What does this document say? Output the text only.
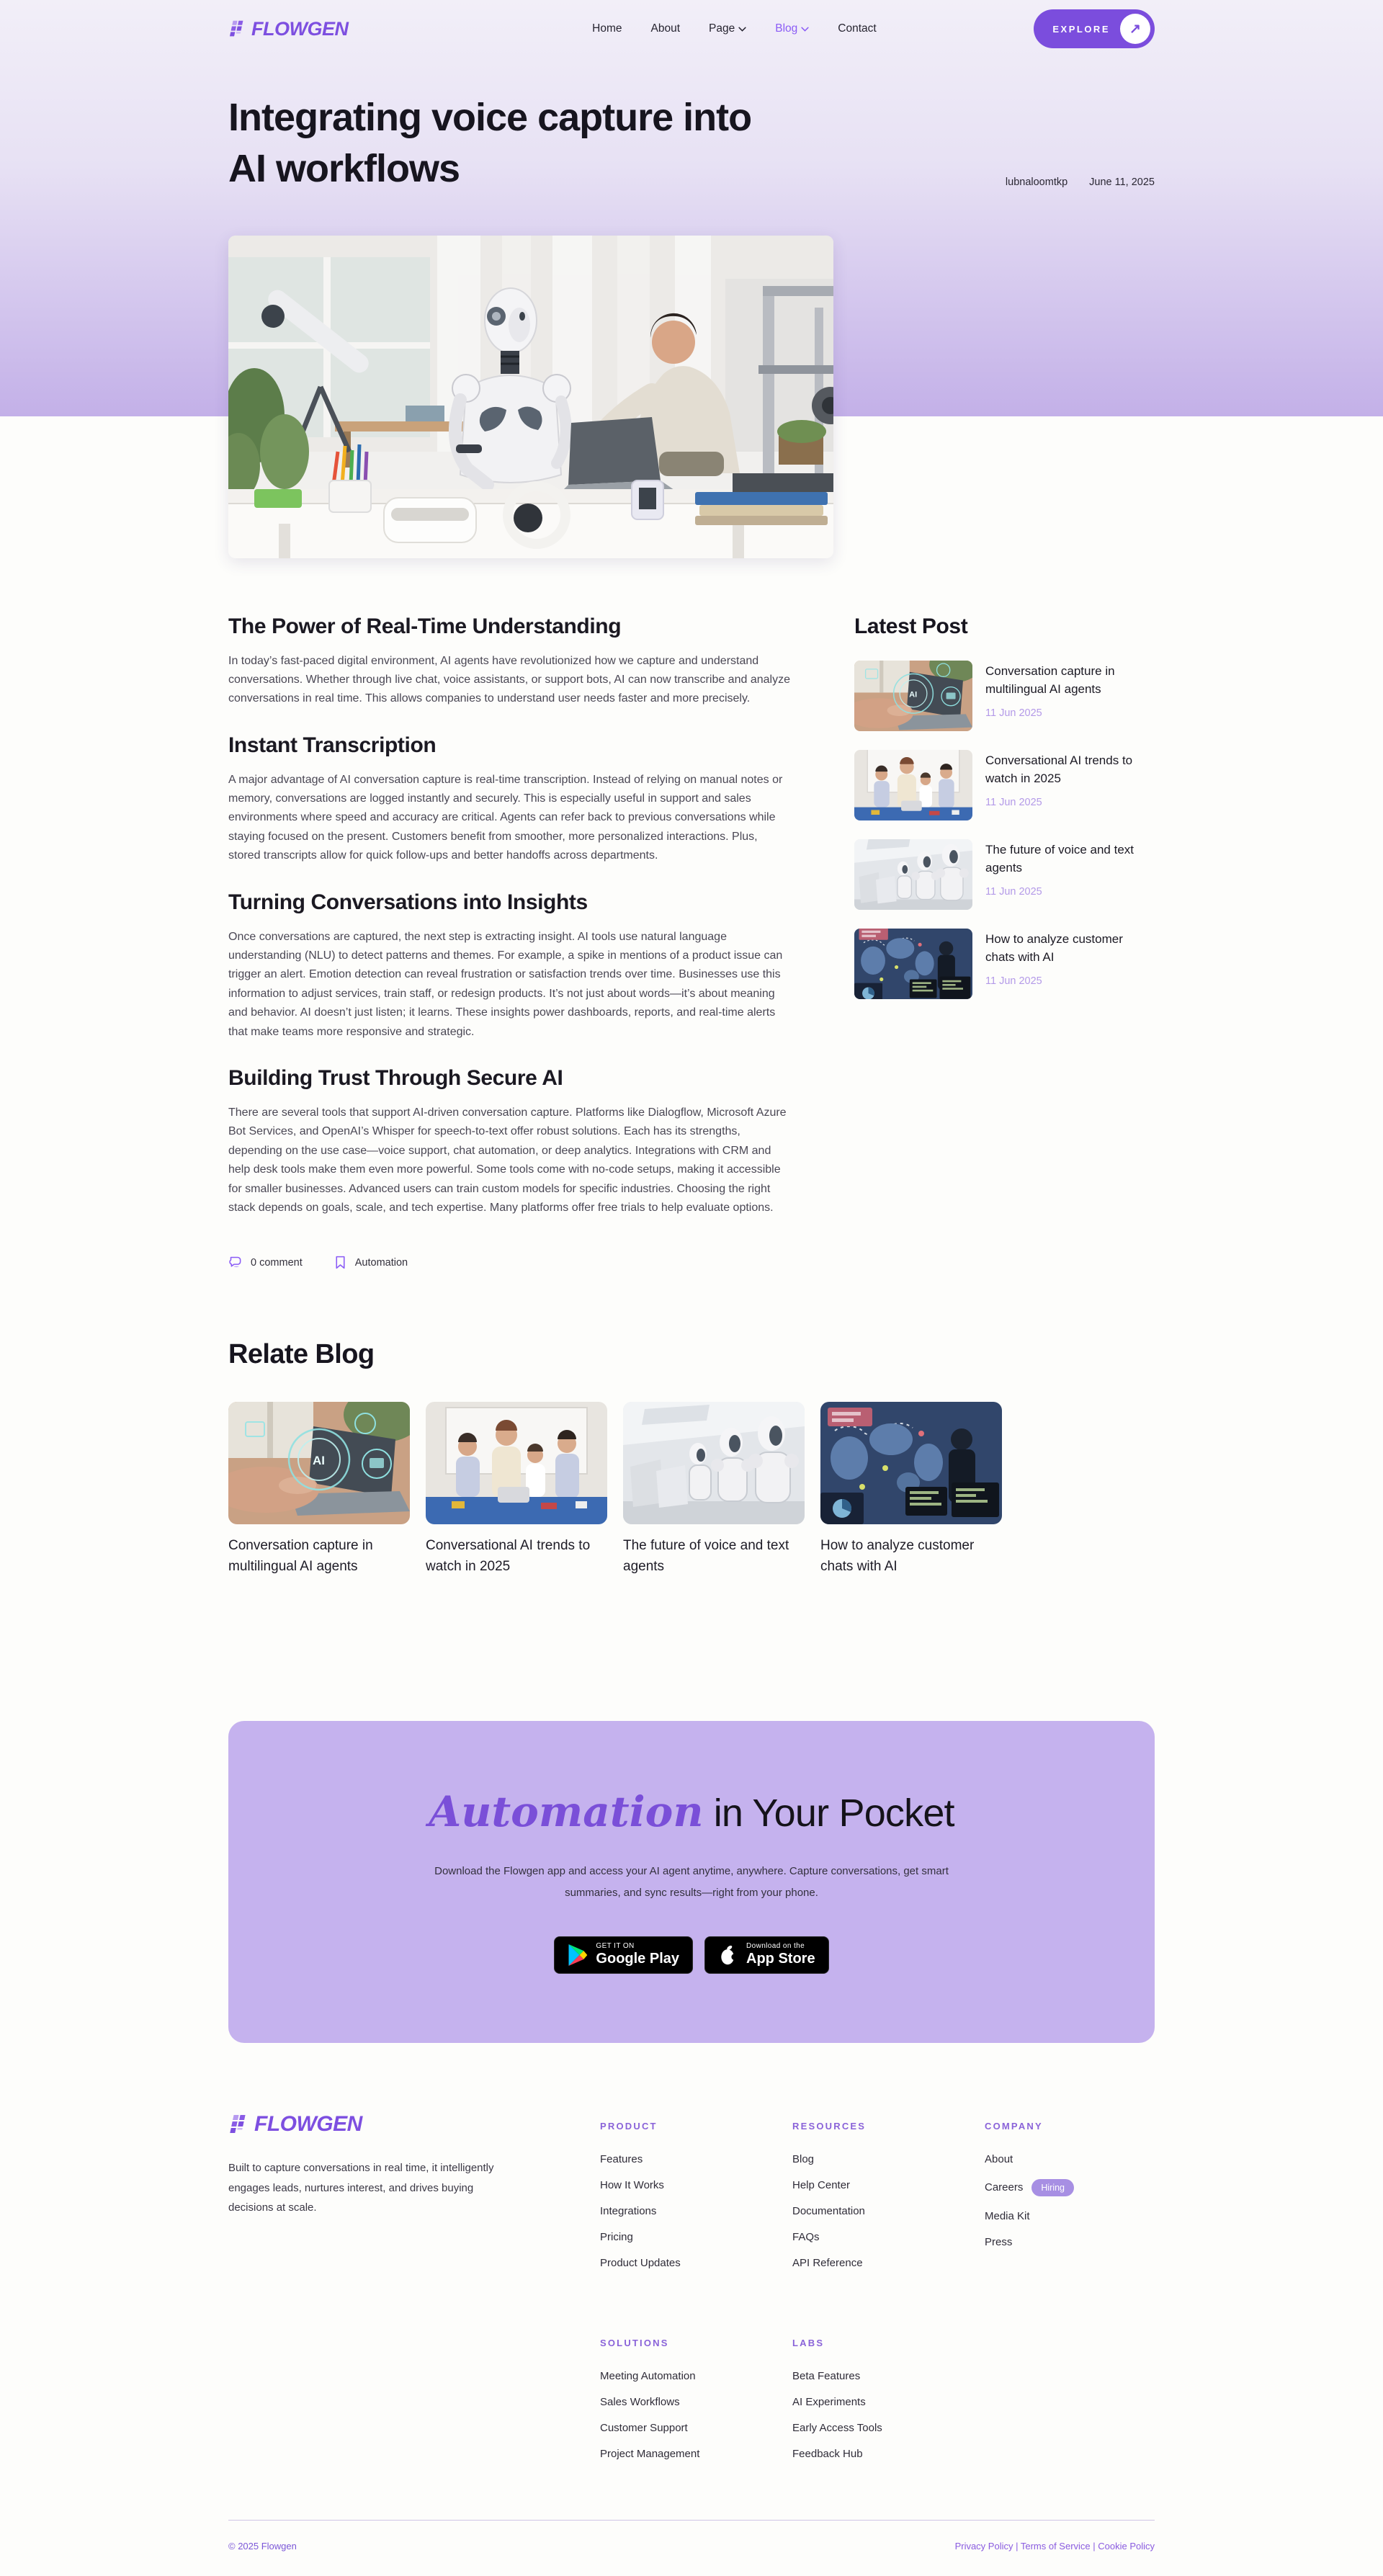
FLOWGEN	Home	About	Page	Blog	Contact	EXPLORE	↗
Integrating voice capture into
AI workflows	lubnaloomtkp June 11, 2025
The Power of Real-Time Understanding

In today’s fast-paced digital environment, AI agents have revolutionized how we capture and understand conversations. Whether through live chat, voice assistants, or support bots, AI can now transcribe and analyze conversations in real time. This allows companies to understand user needs faster and more precisely.

Instant Transcription

A major advantage of AI conversation capture is real-time transcription. Instead of relying on manual notes or memory, conversations are logged instantly and securely. This is especially useful in support and sales environments where speed and accuracy are critical. Agents can refer back to previous conversations while staying focused on the present. Customers benefit from smoother, more personalized interactions. Plus, stored transcripts allow for quick follow-ups and better handoffs across departments.

Turning Conversations into Insights

Once conversations are captured, the next step is extracting insight. AI tools use natural language understanding (NLU) to detect patterns and themes. For example, a spike in mentions of a product issue can trigger an alert. Emotion detection can reveal frustration or satisfaction trends over time. Businesses use this information to adjust services, train staff, or redesign products. It’s not just about words—it’s about meaning and behavior. AI doesn’t just listen; it learns. These insights power dashboards, reports, and real-time alerts that make teams more responsive and strategic.

Building Trust Through Secure AI

There are several tools that support AI-driven conversation capture. Platforms like Dialogflow, Microsoft Azure Bot Services, and OpenAI’s Whisper for speech-to-text offer robust solutions. Each has its strengths, depending on the use case—voice support, chat automation, or deep analytics. Integrations with CRM and help desk tools make them even more powerful. Some tools come with no-code setups, making it accessible for smaller businesses. Advanced users can train custom models for specific industries. Choosing the right stack depends on goals, scale, and tech expertise. Many platforms offer free trials to help evaluate options.

0 comment	Automation
Latest Post
Conversation capture in multilingual AI agents
11 Jun 2025
Conversational AI trends to watch in 2025
11 Jun 2025
The future of voice and text agents
11 Jun 2025
How to analyze customer chats with AI
11 Jun 2025
Relate Blog
Conversation capture in multilingual AI agents
Conversational AI trends to watch in 2025
The future of voice and text agents
How to analyze customer chats with AI
Automation in Your Pocket

Download the Flowgen app and access your AI agent anytime, anywhere. Capture conversations, get smart summaries, and sync results—right from your phone.

GET IT ON
Google Play
Download on the
App Store
FLOWGEN

Built to capture conversations in real time, it intelligently engages leads, nurtures interest, and drives buying decisions at scale.

PRODUCT
Features
How It Works
Integrations
Pricing
Product Updates
RESOURCES
Blog
Help Center
Documentation
FAQs
API Reference
COMPANY
About
Careers	Hiring
Media Kit
Press
SOLUTIONS
Meeting Automation
Sales Workflows
Customer Support
Project Management
LABS
Beta Features
AI Experiments
Early Access Tools
Feedback Hub
© 2025 Flowgen	Privacy Policy | Terms of Service | Cookie Policy
